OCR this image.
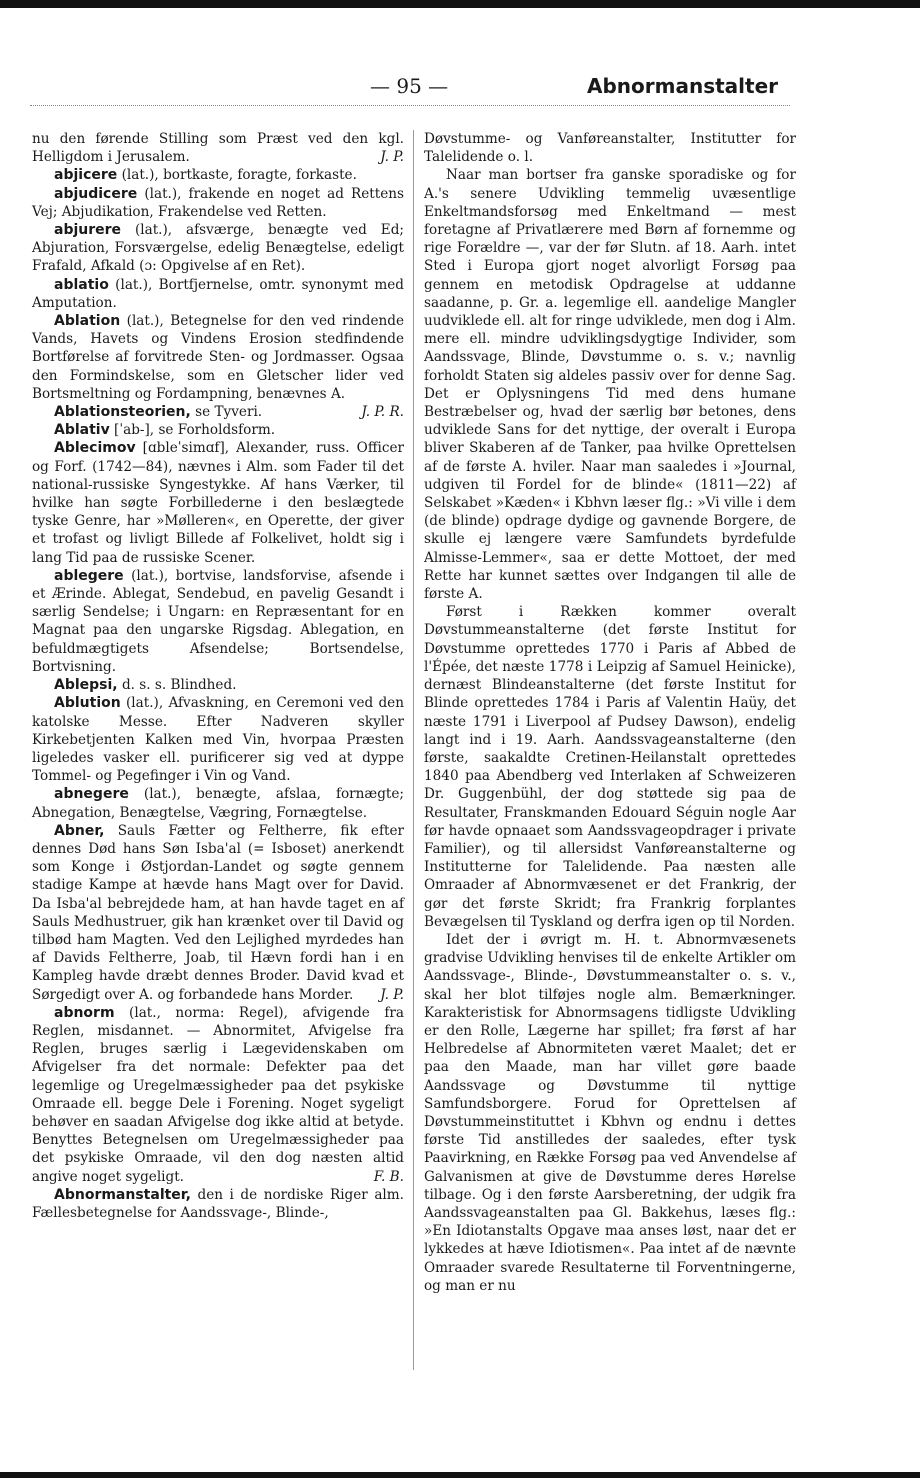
— 95 —	Abnormanstalter

nu den førende Stilling som Præst ved den kgl. Helligdom i Jerusalem.	J. P.

abjicere (lat.), bortkaste, foragte, forkaste.

abjudicere (lat.), frakende en noget ad Rettens Vej; Abjudikation, Frakendelse ved Retten.

abjurere (lat.), afsværge, benægte ved Ed; Abjuration, Forsværgelse, edelig Benægtelse, edeligt Frafald, Afkald (ɔ: Opgivelse af en Ret).

ablatio (lat.), Bortfjernelse, omtr. synonymt med Amputation.

Ablation (lat.), Betegnelse for den ved rindende Vands, Havets og Vindens Erosion stedfindende Bortførelse af forvitrede Sten- og Jordmasser. Ogsaa den Formindskelse, som en Gletscher lider ved Bortsmeltning og Fordampning, benævnes A.
J. P. R.

Ablationsteorien, se Tyveri.

Ablativ [ˈab-], se Forholdsform.

Ablecimov [ɑbleˈsimɑf], Alexander, russ. Officer og Forf. (1742—84), nævnes i Alm. som Fader til det national-russiske Syngestykke. Af hans Værker, til hvilke han søgte Forbillederne i den beslægtede tyske Genre, har »Mølleren«, en Operette, der giver et trofast og livligt Billede af Folkelivet, holdt sig i lang Tid paa de russiske Scener.

ablegere (lat.), bortvise, landsforvise, afsende i et Ærinde. Ablegat, Sendebud, en pavelig Gesandt i særlig Sendelse; i Ungarn: en Repræsentant for en Magnat paa den ungarske Rigsdag. Ablegation, en befuldmægtigets Afsendelse; Bortsendelse, Bortvisning.

Ablepsi, d. s. s. Blindhed.

Ablution (lat.), Afvaskning, en Ceremoni ved den katolske Messe. Efter Nadveren skyller Kirkebetjenten Kalken med Vin, hvorpaa Præsten ligeledes vasker ell. purificerer sig ved at dyppe Tommel- og Pegefinger i Vin og Vand.

abnegere (lat.), benægte, afslaa, fornægte; Abnegation, Benægtelse, Vægring, Fornægtelse.

Abner, Sauls Fætter og Feltherre, fik efter dennes Død hans Søn Isba'al (= Isboset) anerkendt som Konge i Østjordan-Landet og søgte gennem stadige Kampe at hævde hans Magt over for David. Da Isba'al bebrejdede ham, at han havde taget en af Sauls Medhustruer, gik han krænket over til David og tilbød ham Magten. Ved den Lejlighed myrdedes han af Davids Feltherre, Joab, til Hævn fordi han i en Kampleg havde dræbt dennes Broder. David kvad et Sørgedigt over A. og forbandede hans Morder.	J. P.

abnorm (lat., norma: Regel), afvigende fra Reglen, misdannet. — Abnormitet, Afvigelse fra Reglen, bruges særlig i Lægevidenskaben om Afvigelser fra det normale: Defekter paa det legemlige og Uregelmæssigheder paa det psykiske Omraade ell. begge Dele i Forening. Noget sygeligt behøver en saadan Afvigelse dog ikke altid at betyde. Benyttes Betegnelsen om Uregelmæssigheder paa det psykiske Omraade, vil den dog næsten altid angive noget sygeligt.	F. B.

Abnormanstalter, den i de nordiske Riger alm. Fællesbetegnelse for Aandssvage-, Blinde-,

Døvstumme- og Vanføreanstalter, Institutter for Talelidende o. l.

Naar man bortser fra ganske sporadiske og for A.'s senere Udvikling temmelig uvæsentlige Enkeltmandsforsøg med Enkeltmand — mest foretagne af Privatlærere med Børn af fornemme og rige Forældre —, var der før Slutn. af 18. Aarh. intet Sted i Europa gjort noget alvorligt Forsøg paa gennem en metodisk Opdragelse at uddanne saadanne, p. Gr. a. legemlige ell. aandelige Mangler uudviklede ell. alt for ringe udviklede, men dog i Alm. mere ell. mindre udviklingsdygtige Individer, som Aandssvage, Blinde, Døvstumme o. s. v.; navnlig forholdt Staten sig aldeles passiv over for denne Sag. Det er Oplysningens Tid med dens humane Bestræbelser og, hvad der særlig bør betones, dens udviklede Sans for det nyttige, der overalt i Europa bliver Skaberen af de Tanker, paa hvilke Oprettelsen af de første A. hviler. Naar man saaledes i »Journal, udgiven til Fordel for de blinde« (1811—22) af Selskabet »Kæden« i Kbhvn læser flg.: »Vi ville i dem (de blinde) opdrage dydige og gavnende Borgere, de skulle ej længere være Samfundets byrdefulde Almisse-Lemmer«, saa er dette Mottoet, der med Rette har kunnet sættes over Indgangen til alle de første A.

Først i Rækken kommer overalt Døvstummeanstalterne (det første Institut for Døvstumme oprettedes 1770 i Paris af Abbed de l'Épée, det næste 1778 i Leipzig af Samuel Heinicke), dernæst Blindeanstalterne (det første Institut for Blinde oprettedes 1784 i Paris af Valentin Haüy, det næste 1791 i Liverpool af Pudsey Dawson), endelig langt ind i 19. Aarh. Aandssvageanstalterne (den første, saakaldte Cretinen-Heilanstalt oprettedes 1840 paa Abendberg ved Interlaken af Schweizeren Dr. Guggenbühl, der dog støttede sig paa de Resultater, Franskmanden Edouard Séguin nogle Aar før havde opnaaet som Aandssvageopdrager i private Familier), og til allersidst Vanføreanstalterne og Institutterne for Talelidende. Paa næsten alle Omraader af Abnormvæsenet er det Frankrig, der gør det første Skridt; fra Frankrig forplantes Bevægelsen til Tyskland og derfra igen op til Norden.

Idet der i øvrigt m. H. t. Abnormvæsenets gradvise Udvikling henvises til de enkelte Artikler om Aandssvage-, Blinde-, Døvstummeanstalter o. s. v., skal her blot tilføjes nogle alm. Bemærkninger. Karakteristisk for Abnormsagens tidligste Udvikling er den Rolle, Lægerne har spillet; fra først af har Helbredelse af Abnormiteten været Maalet; det er paa den Maade, man har villet gøre baade Aandssvage og Døvstumme til nyttige Samfundsborgere. Forud for Oprettelsen af Døvstummeinstituttet i Kbhvn og endnu i dettes første Tid anstilledes der saaledes, efter tysk Paavirkning, en Række Forsøg paa ved Anvendelse af Galvanismen at give de Døvstumme deres Hørelse tilbage. Og i den første Aarsberetning, der udgik fra Aandssvageanstalten paa Gl. Bakkehus, læses flg.: »En Idiotanstalts Opgave maa anses løst, naar det er lykkedes at hæve Idiotismen«. Paa intet af de nævnte Omraader svarede Resultaterne til Forventningerne, og man er nu
